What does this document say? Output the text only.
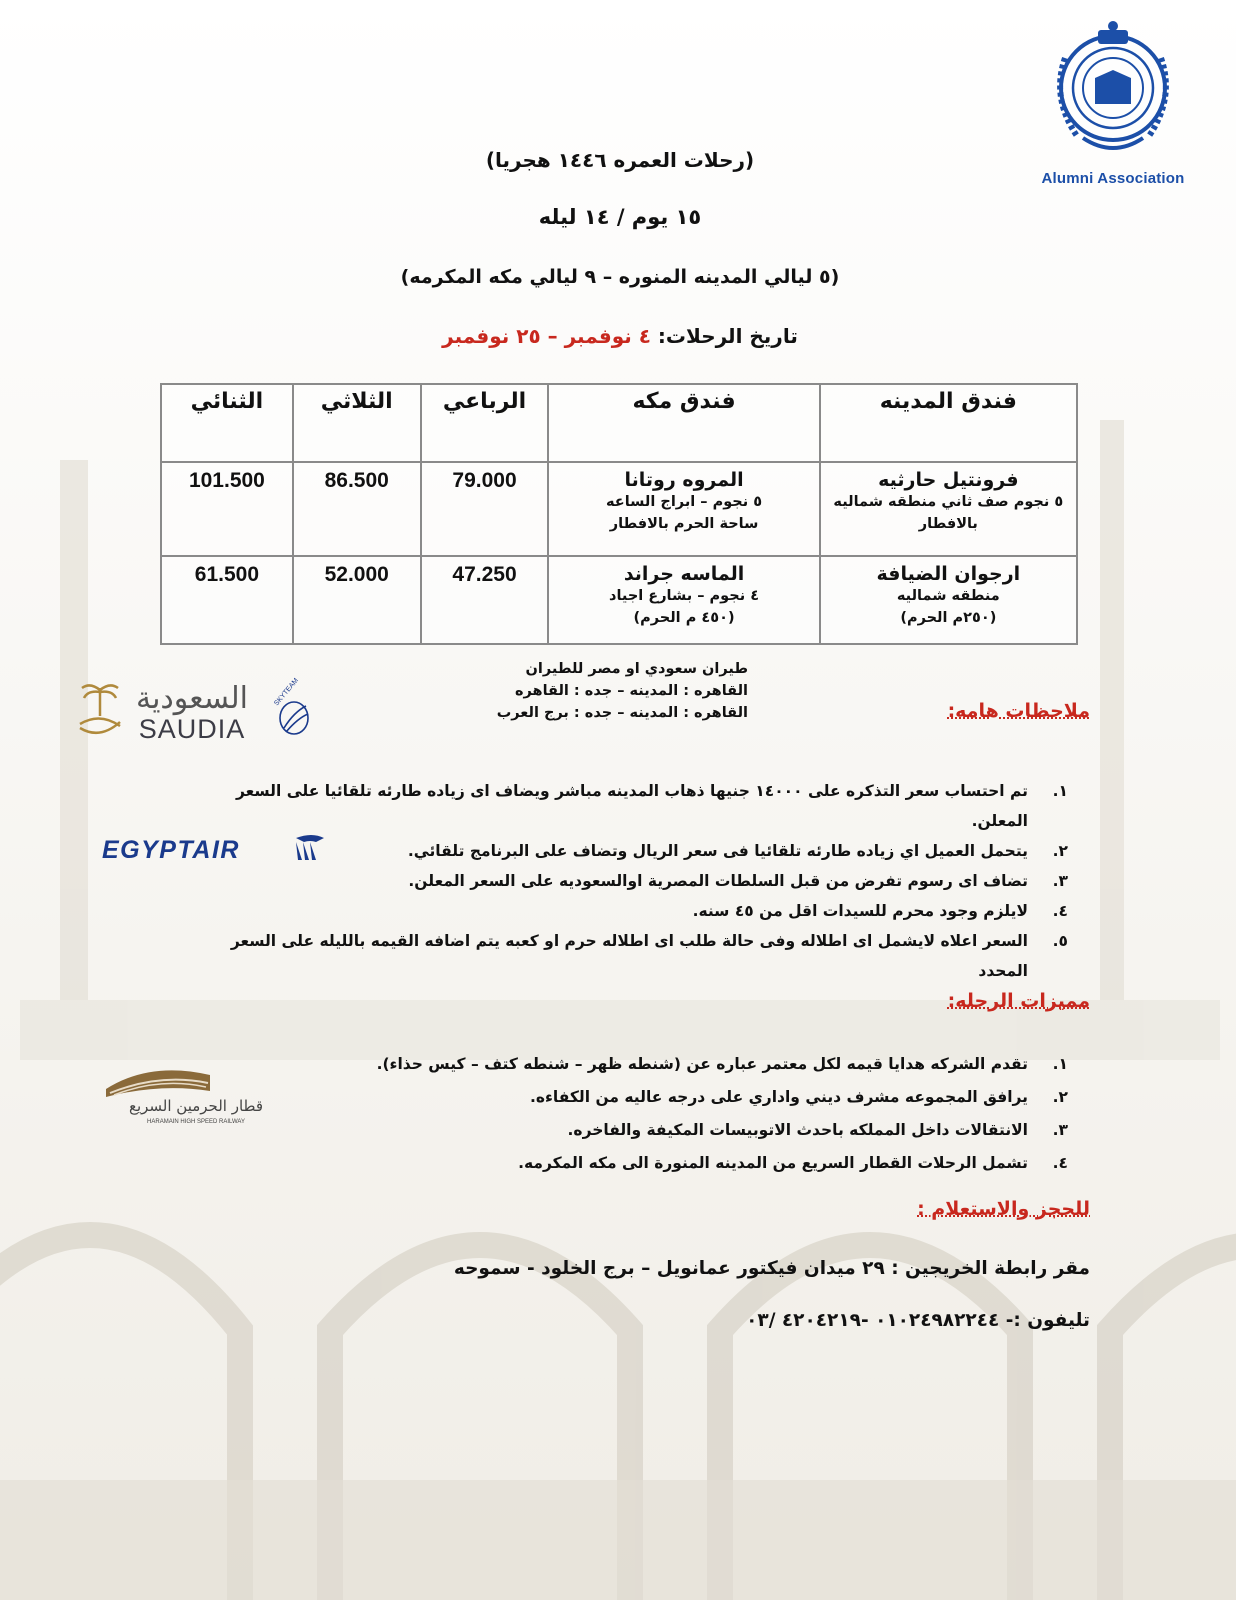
Alumni Association
(رحلات العمره ١٤٤٦ هجريا)
١٥ يوم / ١٤ ليله
(٥ ليالي المدينه المنوره – ٩ ليالي مكه المكرمه)
تاريخ الرحلات: ٤ نوفمبر – ٢٥ نوفمبر
فندق المدينه	فندق مكه	الرباعي	الثلاثي	الثنائي

فرونتيل حارثيه
٥ نجوم صف ثاني منطقه شماليه
بالافطار	المروه روتانا
٥ نجوم – ابراج الساعه
ساحة الحرم بالافطار	79.000	86.500	101.500

ارجوان الضيافة
منطقه شماليه
(٢٥٠م الحرم)	الماسه جراند
٤ نجوم – بشارع اجياد
(٤٥٠ م الحرم)	47.250	52.000	61.500
طيران سعودي او مصر للطيران
القاهره : المدينه – جده : القاهره
القاهره : المدينه – جده : برج العرب
السعودية
SAUDIA
SKYTEAM
EGYPTAIR
قطار الحرمين السريع
HARAMAIN HIGH SPEED RAILWAY
ملاحظات هامه:
١.
تم احتساب سعر التذكره على ١٤٠٠٠ جنيها ذهاب المدينه مباشر ويضاف اى زياده طارئه تلقائيا على السعر المعلن.
٢.
يتحمل العميل اي زياده طارئه تلقائيا فى سعر الريال وتضاف على البرنامج تلقائي.
٣.
تضاف اى رسوم تفرض من قبل السلطات المصرية اوالسعوديه على السعر المعلن.
٤.
لايلزم وجود محرم للسيدات اقل من ٤٥ سنه.
٥.
السعر اعلاه لايشمل اى اطلاله وفى حالة طلب اى اطلاله حرم او كعبه يتم اضافه القيمه بالليله على السعر المحدد
مميزات الرحله:
١.
تقدم الشركه هدايا قيمه لكل معتمر عباره عن (شنطه ظهر – شنطه كتف – كيس حذاء).
٢.
يرافق المجموعه مشرف ديني واداري على درجه عاليه من الكفاءه.
٣.
الانتقالات داخل المملكه باحدث الاتوبيسات المكيفة والفاخره.
٤.
تشمل الرحلات القطار السريع من المدينه المنورة الى مكه المكرمه.
للحجز والاستعلام :
مقر رابطة الخريجين : ٢٩ ميدان فيكتور عمانويل – برج الخلود - سموحه
تليفون :- ٠١٠٢٤٩٨٢٢٤٤ -٤٢٠٤٢١٩ /٠٣
